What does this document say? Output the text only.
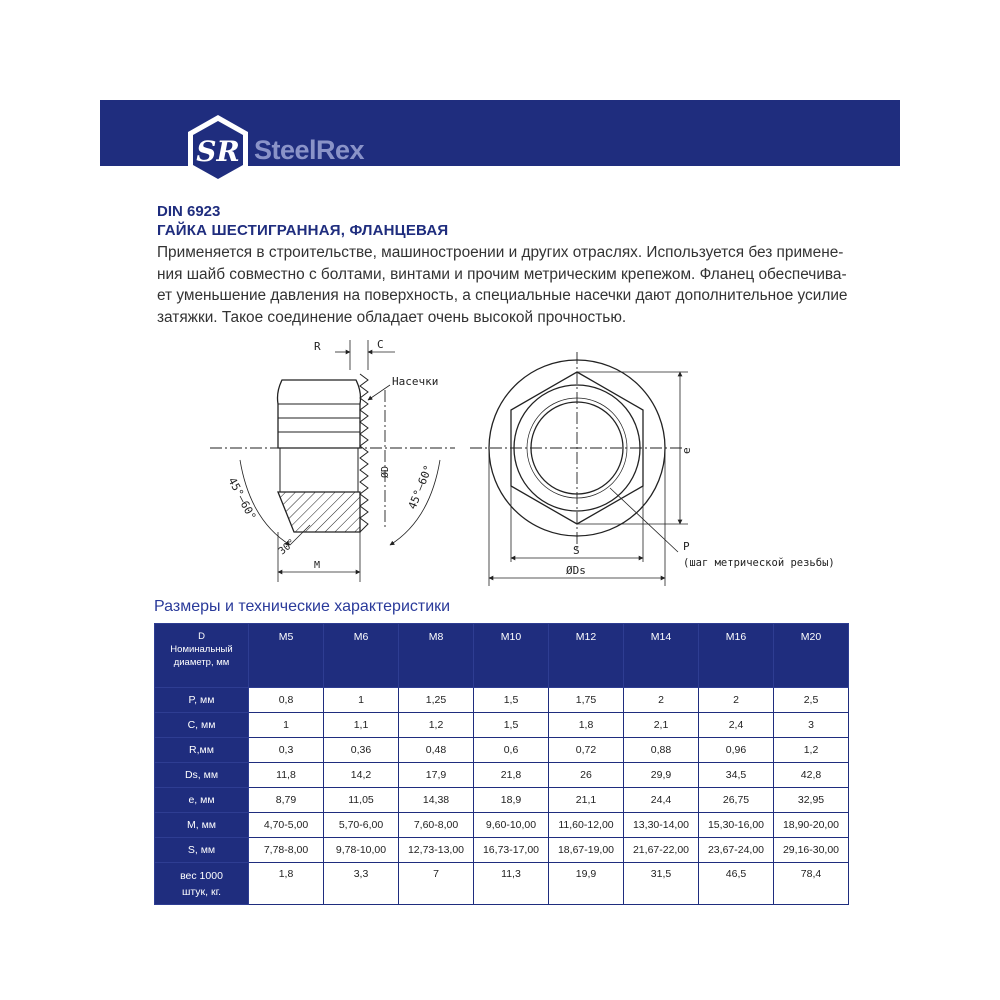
SR SteelRex
DIN 6923
ГАЙКА ШЕСТИГРАННАЯ, ФЛАНЦЕВАЯ
Применяется в строительстве, машиностроении и других отраслях. Используется без примене-
ния шайб совместно с болтами, винтами и прочим метрическим крепежом. Фланец обеспечива-
ет уменьшение давления на поверхность, а специальные насечки дают дополнительное усилие
затяжки. Такое соединение обладает очень высокой прочностью.
R	C
Насечки
ØD
45°–60°	45°–60°
30°
M
e
S
ØDs
P
(шаг метрической резьбы)
Размеры и технические характеристики
D
Номинальный
диаметр, мм	M5	M6	M8	M10	M12	M14	M16	M20
P, мм	0,8	1	1,25	1,5	1,75	2	2	2,5
C, мм	1	1,1	1,2	1,5	1,8	2,1	2,4	3
R,мм	0,3	0,36	0,48	0,6	0,72	0,88	0,96	1,2
Ds, мм	11,8	14,2	17,9	21,8	26	29,9	34,5	42,8
e, мм	8,79	11,05	14,38	18,9	21,1	24,4	26,75	32,95
M, мм	4,70-5,00	5,70-6,00	7,60-8,00	9,60-10,00	11,60-12,00	13,30-14,00	15,30-16,00	18,90-20,00
S, мм	7,78-8,00	9,78-10,00	12,73-13,00	16,73-17,00	18,67-19,00	21,67-22,00	23,67-24,00	29,16-30,00

вес 1000
штук, кг.	1,8	3,3	7	11,3	19,9	31,5	46,5	78,4
